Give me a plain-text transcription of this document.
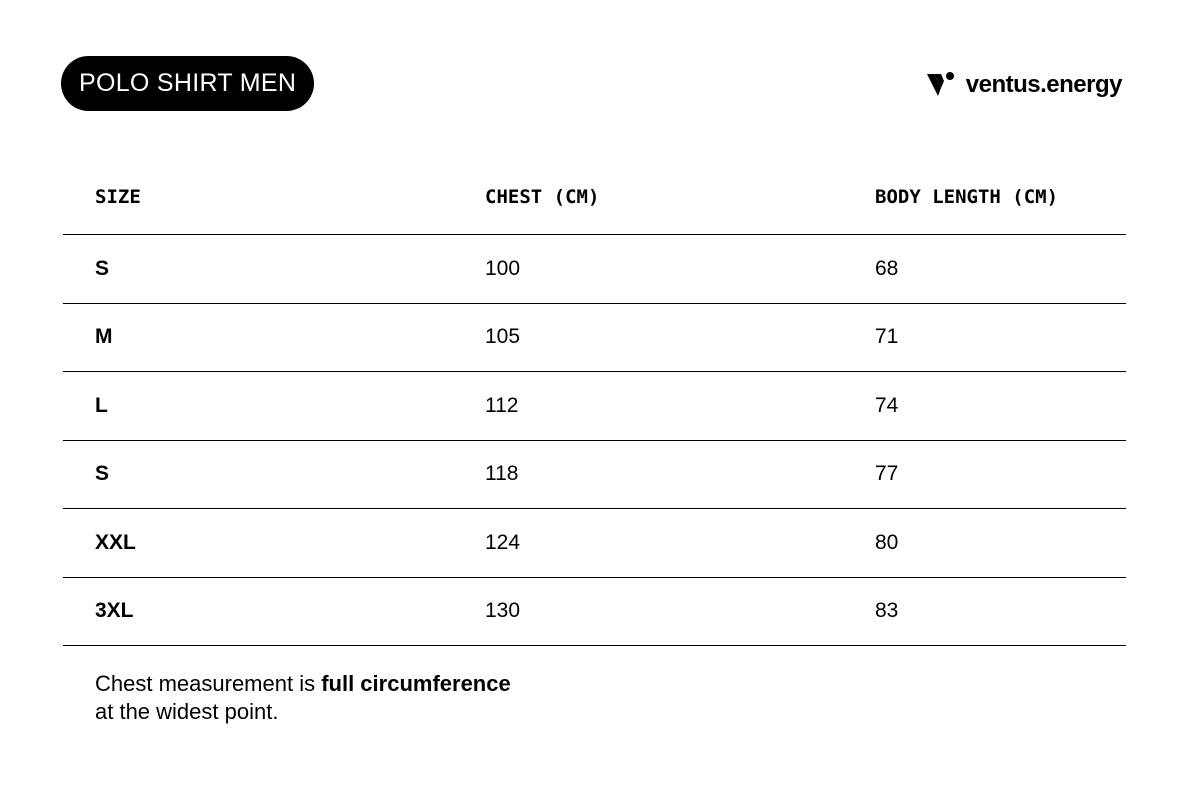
POLO SHIRT MEN	ventus.energy
SIZE	CHEST (CM)	BODY LENGTH (CM)
S	100	68
M	105	71
L	112	74
S	118	77
XXL	124	80
3XL	130	83
Chest measurement is full circumference
at the widest point.
